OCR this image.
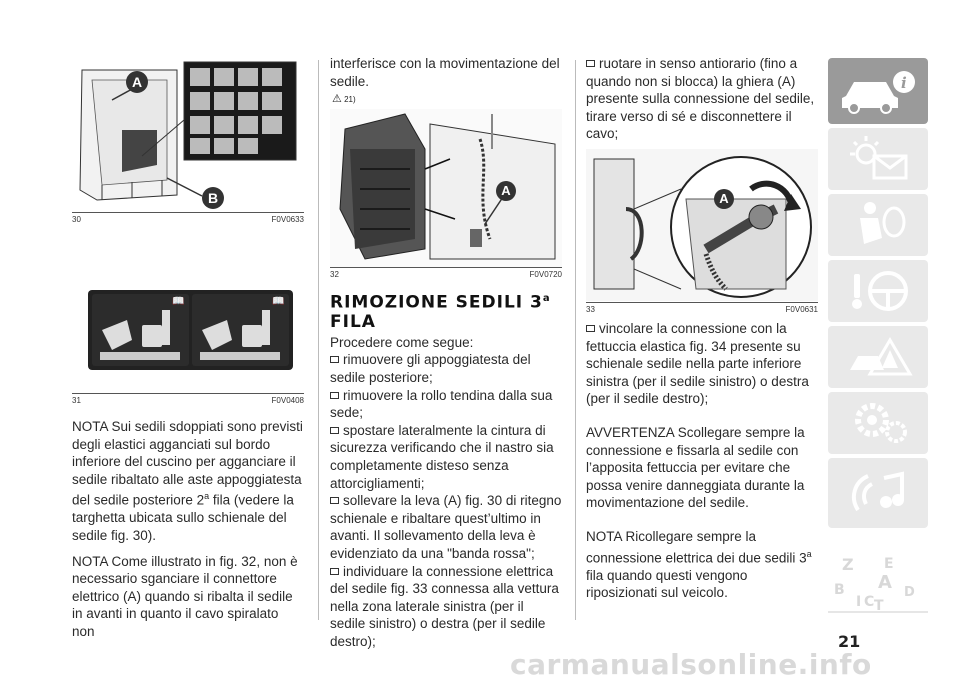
A
B
30	F0V0633
📖	📖
31	F0V0408

NOTA Sui sedili sdoppiati sono previsti degli elastici agganciati sul bordo inferiore del cuscino per agganciare il sedile ribaltato alle aste appoggiatesta del sedile posteriore 2$^a$ fila (vedere la targhetta ubicata sullo schienale del sedile fig. 30).

NOTA Come illustrato in fig. 32, non è necessario sganciare il connettore elettrico (A) quando si ribalta il sedile in avanti in quanto il cavo spiralato non

interferisce con la movimentazione del sedile.

⚠ 21)
A
32	F0V0720
RIMOZIONE SEDILI 3$^a$
FILA

Procedere come segue:

rimuovere gli appoggiatesta del sedile posteriore;

rimuovere la rollo tendina dalla sua sede;

spostare lateralmente la cintura di sicurezza verificando che il nastro sia completamente disteso senza attorcigliamenti;

sollevare la leva (A) fig. 30 di ritegno schienale e ribaltare quest’ultimo in avanti. Il sollevamento della leva è evidenziato da una "banda rossa";

individuare la connessione elettrica del sedile fig. 33 connessa alla vettura nella zona laterale sinistra (per il sedile sinistro) o destra (per il sedile destro);

ruotare in senso antiorario (fino a quando non si blocca) la ghiera (A) presente sulla connessione del sedile, tirare verso di sé e disconnettere il cavo;

A
33	F0V0631

vincolare la connessione con la fettuccia elastica fig. 34 presente su schienale sedile nella parte inferiore sinistra (per il sedile sinistro) o destra (per il sedile destro);

AVVERTENZA Scollegare sempre la connessione e fissarla al sedile con l’apposita fettuccia per evitare che possa venire danneggiata durante la movimentazione del sedile.

NOTA Ricollegare sempre la connessione elettrica dei due sedili 3$^a$ fila quando questi vengono riposizionati sul veicolo.

i
Z E
A
B	D
I C T
21
carmanualsonline.info
